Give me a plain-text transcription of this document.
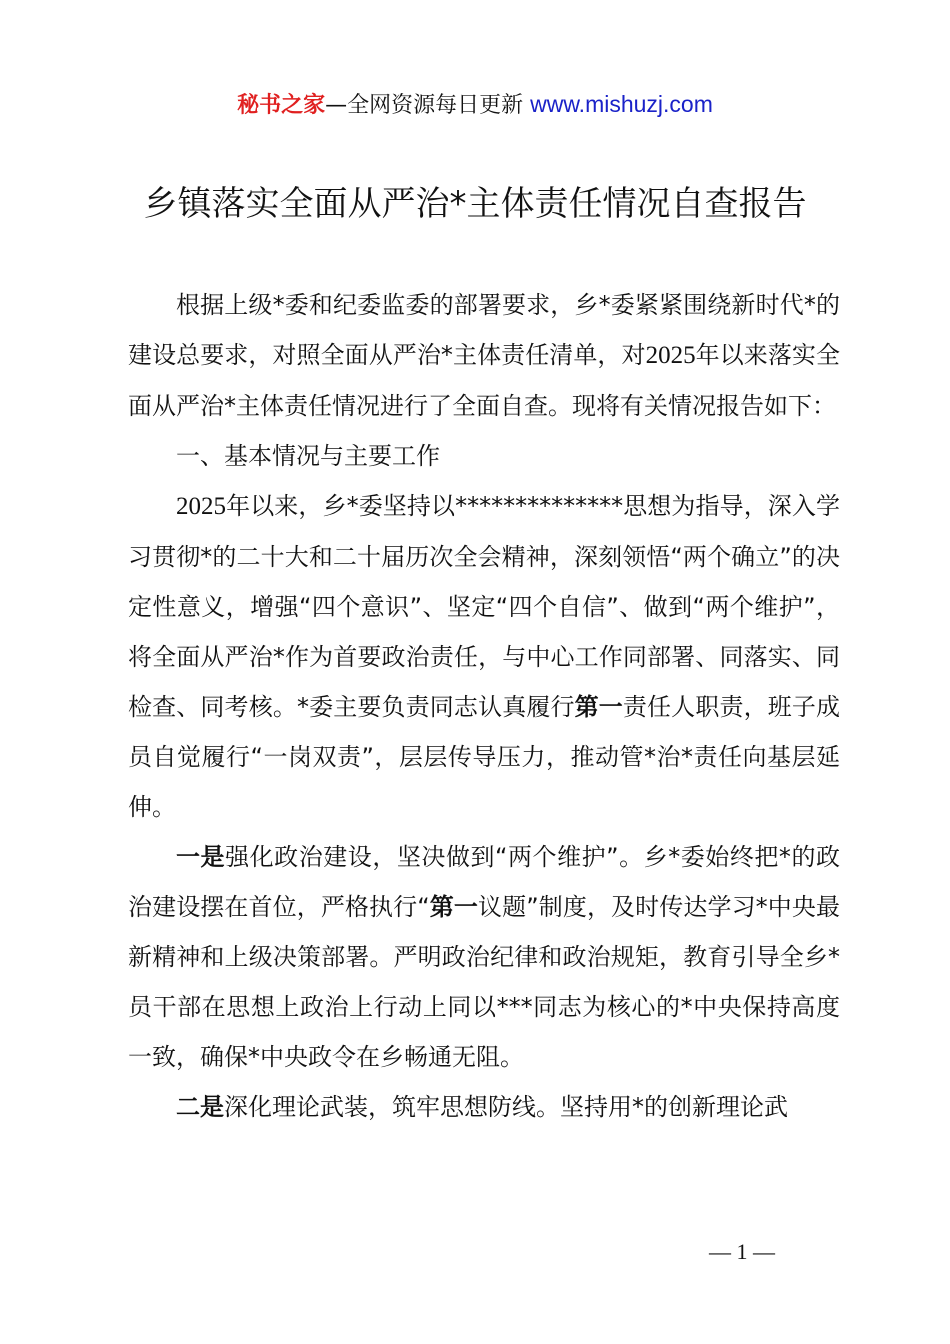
秘书之家—全网资源每日更新 www.mishuzj.com
乡镇落实全面从严治*主体责任情况自查报告

根据上级*委和纪委监委的部署要求，乡*委紧紧围绕新时代*的建设总要求，对照全面从严治*主体责任清单，对2025年以来落实全面从严治*主体责任情况进行了全面自查。现将有关情况报告如下：

一、基本情况与主要工作

2025年以来，乡*委坚持以**************思想为指导，深入学习贯彻*的二十大和二十届历次全会精神，深刻领悟“两个确立”的决定性意义，增强“四个意识”、坚定“四个自信”、做到“两个维护”，将全面从严治*作为首要政治责任，与中心工作同部署、同落实、同检查、同考核。*委主要负责同志认真履行第一责任人职责，班子成员自觉履行“一岗双责”，层层传导压力，推动管*治*责任向基层延伸。

一是强化政治建设，坚决做到“两个维护”。乡*委始终把*的政治建设摆在首位，严格执行“第一议题”制度，及时传达学习*中央最新精神和上级决策部署。严明政治纪律和政治规矩，教育引导全乡*员干部在思想上政治上行动上同以***同志为核心的*中央保持高度一致，确保*中央政令在乡畅通无阻。

二是深化理论武装，筑牢思想防线。坚持用*的创新理论武

— 1 —
